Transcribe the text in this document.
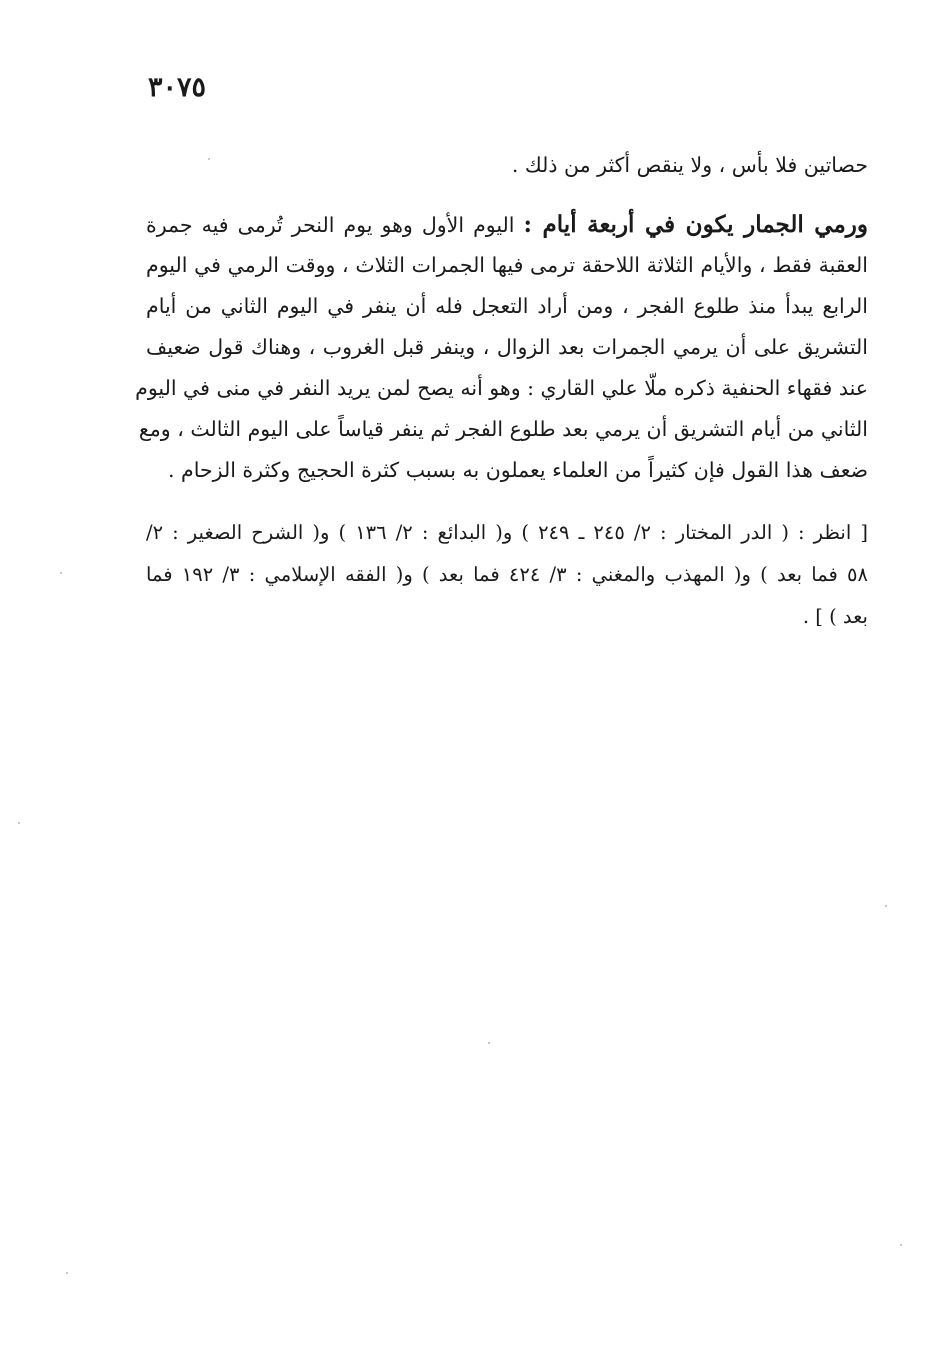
٣٠٧٥
حصاتين فلا بأس ، ولا ينقص أكثر من ذلك .
ورمي الجمار يكون في أربعة أيام : اليوم الأول وهو يوم النحر تُرمى فيه جمرة
العقبة فقط ، والأيام الثلاثة اللاحقة ترمى فيها الجمرات الثلاث ، ووقت الرمي في اليوم
الرابع يبدأ منذ طلوع الفجر ، ومن أراد التعجل فله أن ينفر في اليوم الثاني من أيام
التشريق على أن يرمي الجمرات بعد الزوال ، وينفر قبل الغروب ، وهناك قول ضعيف
عند فقهاء الحنفية ذكره ملّا علي القاري : وهو أنه يصح لمن يريد النفر في منى في اليوم
الثاني من أيام التشريق أن يرمي بعد طلوع الفجر ثم ينفر قياساً على اليوم الثالث ، ومع
ضعف هذا القول فإن كثيراً من العلماء يعملون به بسبب كثرة الحجيج وكثرة الزحام .
[ انظر : ( الدر المختار : ٢/ ٢٤٥ ـ ٢٤٩ ) و( البدائع : ٢/ ١٣٦ ) و( الشرح الصغير : ٢/
٥٨ فما بعد ) و( المهذب والمغني : ٣/ ٤٢٤ فما بعد ) و( الفقه الإسلامي : ٣/ ١٩٢ فما
بعد ) ] .
